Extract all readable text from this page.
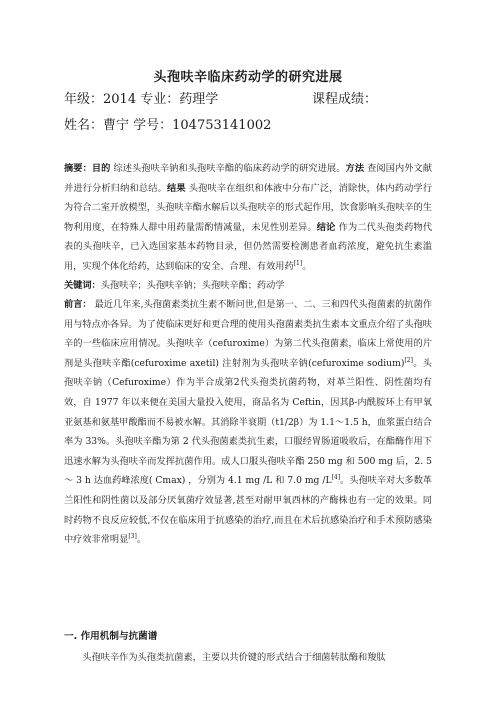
头孢呋辛临床药动学的研究进展
年级：2014 专业：药理学	课程成绩：
姓名：曹宁 学号：104753141002
摘要：目的 综述头孢呋辛钠和头孢呋辛酯的临床药动学的研究进展。方法 查阅国内外文献并进行分析归纳和总结。结果 头孢呋辛在组织和体液中分布广泛，消除快，体内药动学行为符合二室开放模型，头孢呋辛酯水解后以头孢呋辛的形式起作用，饮食影响头孢呋辛的生物利用度，在特殊人群中用药量需酌情减量，未见性别差异。结论 作为二代头孢类药物代表的头孢呋辛，已入选国家基本药物目录，但仍然需要检测患者血药浓度，避免抗生素滥用，实现个体化给药，达到临床的安全、合理、有效用药[1]。
关键词：头孢呋辛；头孢呋辛钠；头孢呋辛酯；药动学
前言： 最近几年来,头孢菌素类抗生素不断问世,但是第一、二、三和四代头孢菌素的抗菌作用与特点亦各异。为了使临床更好和更合理的使用头孢菌素类抗生素本文重点介绍了头孢呋辛的一些临床应用情况。头孢呋辛（cefuroxime）为第二代头孢菌素，临床上常使用的片剂是头孢呋辛酯(cefuroxime axetil) 注射剂为头孢呋辛钠(cefuroxime sodium)[2]。头孢呋辛钠（Cefuroxime）作为半合成第2代头孢类抗菌药物，对革兰阳性、阴性菌均有效，自 1977 年以来便在美国大量投入使用，商品名为 Ceftin，因其β-内酰胺环上有甲氧亚氨基和氨基甲酸酯而不易被水解。其消除半衰期（t1/2β）为 1.1～1.5 h，血浆蛋白结合率为 33%。头孢呋辛酯为第 2 代头孢菌素类抗生素，口服经胃肠道吸收后，在酯酶作用下迅速水解为头孢呋辛而发挥抗菌作用。成人口服头孢呋辛酯 250 mg 和 500 mg 后，2. 5 ～ 3 h 达血药峰浓度( Cmax) ，分别为 4.1 mg /L 和 7.0 mg /L[4]。头孢呋辛对大多数革兰阳性和阴性菌以及部分厌氧菌疗效显著,甚至对耐甲氧西林的产酶株也有一定的效果。同时药物不良反应较低,不仅在临床用于抗感染的治疗,而且在术后抗感染治疗和手术预防感染中疗效非常明显[3]。
一. 作用机制与抗菌谱
头孢呋辛作为头孢类抗菌素，主要以共价键的形式结合于细菌转肽酶和羧肽
